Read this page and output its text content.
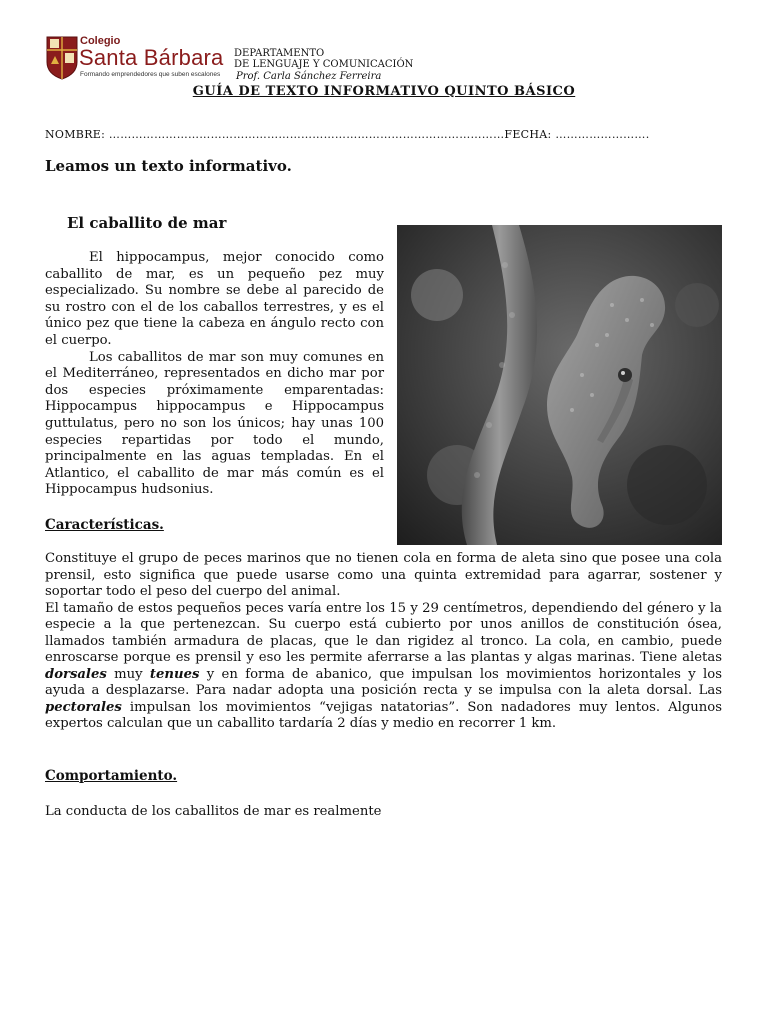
Colegio
Santa Bárbara
Formando emprendedores que suben escalones
DEPARTAMENTO
DE LENGUAJE Y COMUNICACIÓN
Prof. Carla Sánchez Ferreira
GUÍA DE TEXTO INFORMATIVO QUINTO BÁSICO
NOMBRE: ……………………………………………………………………………………………FECHA: …………………….
Leamos un texto informativo.
El caballito de mar

El hippocampus, mejor conocido como caballito de mar, es un pequeño pez muy especializado. Su nombre se debe al parecido de su rostro con el de los caballos terrestres, y es el único pez que tiene la cabeza en ángulo recto con el cuerpo.

Los caballitos de mar son muy comunes en el Mediterráneo, representados en dicho mar por dos especies próximamente emparentadas: Hippocampus hippocampus e Hippocampus guttulatus, pero no son los únicos; hay unas 100 especies repartidas por todo el mundo, principalmente en las aguas templadas. En el Atlantico, el caballito de mar más común es el Hippocampus hudsonius.

Características.

Constituye el grupo de peces marinos que no tienen cola en forma de aleta sino que posee una cola prensil, esto significa que puede usarse como una quinta extremidad para agarrar, sostener y soportar todo el peso del cuerpo del animal.

El tamaño de estos pequeños peces varía entre los 15 y 29 centímetros, dependiendo del género y la especie a la que pertenezcan. Su cuerpo está cubierto por unos anillos de constitución ósea, llamados también armadura de placas, que le dan rigidez al tronco. La cola, en cambio, puede enroscarse porque es prensil y eso les permite aferrarse a las plantas y algas marinas. Tiene aletas dorsales muy tenues y en forma de abanico, que impulsan los movimientos horizontales y los ayuda a desplazarse. Para nadar adopta una posición recta y se impulsa con la aleta dorsal. Las pectorales impulsan los movimientos “vejigas natatorias”. Son nadadores muy lentos. Algunos expertos calculan que un caballito tardaría 2 días y medio en recorrer 1 km.

Comportamiento.
La conducta de los caballitos de mar es realmente
